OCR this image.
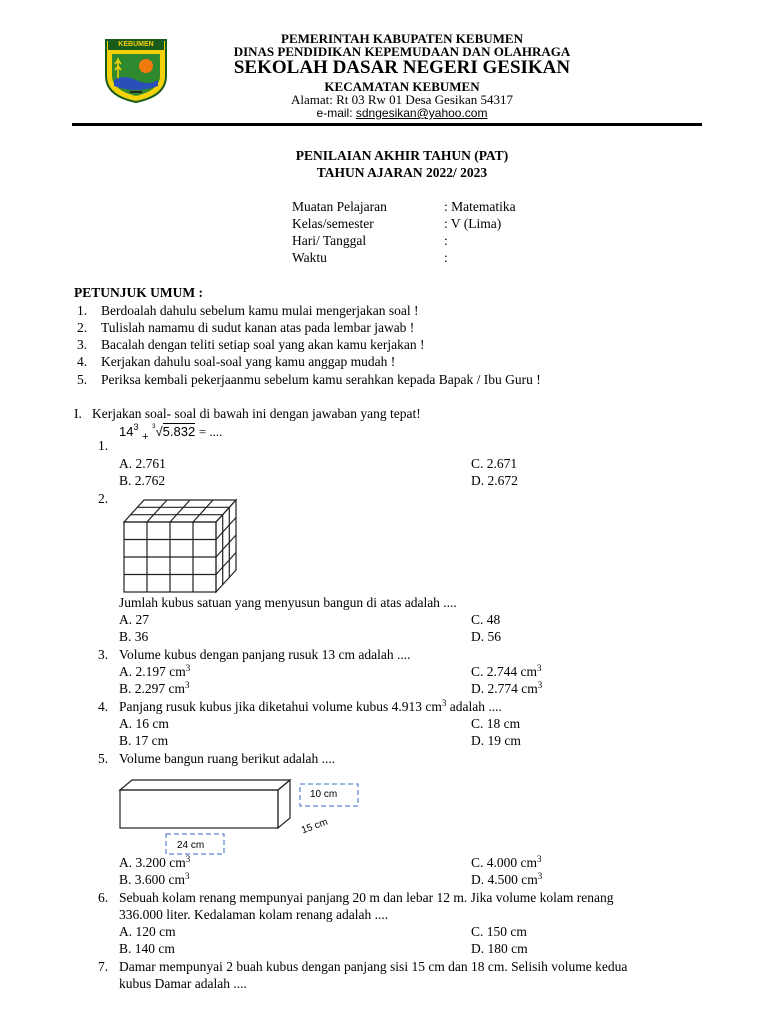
KEBUMEN	PEMERINTAH KABUPATEN KEBUMEN
DINAS PENDIDIKAN KEPEMUDAAN DAN OLAHRAGA
SEKOLAH DASAR NEGERI GESIKAN
KECAMATAN KEBUMEN
Alamat: Rt 03 Rw 01 Desa Gesikan 54317
e-mail: sdngesikan@yahoo.com
PENILAIAN AKHIR TAHUN (PAT)
TAHUN AJARAN 2022/ 2023
Muatan Pelajaran	: Matematika
Kelas/semester	: V (Lima)
Hari/ Tanggal	:
Waktu	:
PETUNJUK UMUM :
1. Berdoalah dahulu sebelum kamu mulai mengerjakan soal !
2. Tulislah namamu di sudut kanan atas pada lembar jawab !
3. Bacalah dengan teliti setiap soal yang akan kamu kerjakan !
4. Kerjakan dahulu soal-soal yang kamu anggap mudah !
5. Periksa kembali pekerjaanmu sebelum kamu serahkan kepada Bapak / Ibu Guru !
I. Kerjakan soal- soal di bawah ini dengan jawaban yang tepat!
1.
$14^3$ $_+$ $^3$√5.832 = ....
A. 2.761	C. 2.671
B. 2.762	D. 2.672
2.
Jumlah kubus satuan yang menyusun bangun di atas adalah ....
A. 27	C. 48
B. 36	D. 56
3. Volume kubus dengan panjang rusuk 13 cm adalah ....
A. 2.197 $cm^3$	C. 2.744 $cm^3$
B. 2.297 $cm^3$	D. 2.774 $cm^3$
4. Panjang rusuk kubus jika diketahui volume kubus 4.913 $cm^3$ adalah ....
A. 16 cm	C. 18 cm
B. 17 cm	D. 19 cm
5. Volume bangun ruang berikut adalah ....
10 cm
15 cm
24 cm
A. 3.200 $cm^3$	C. 4.000 $cm^3$
B. 3.600 $cm^3$	D. 4.500 $cm^3$
6. Sebuah kolam renang mempunyai panjang 20 m dan lebar 12 m. Jika volume kolam renang
336.000 liter. Kedalaman kolam renang adalah ....
A. 120 cm	C. 150 cm
B. 140 cm	D. 180 cm
7. Damar mempunyai 2 buah kubus dengan panjang sisi 15 cm dan 18 cm. Selisih volume kedua
kubus Damar adalah ....
